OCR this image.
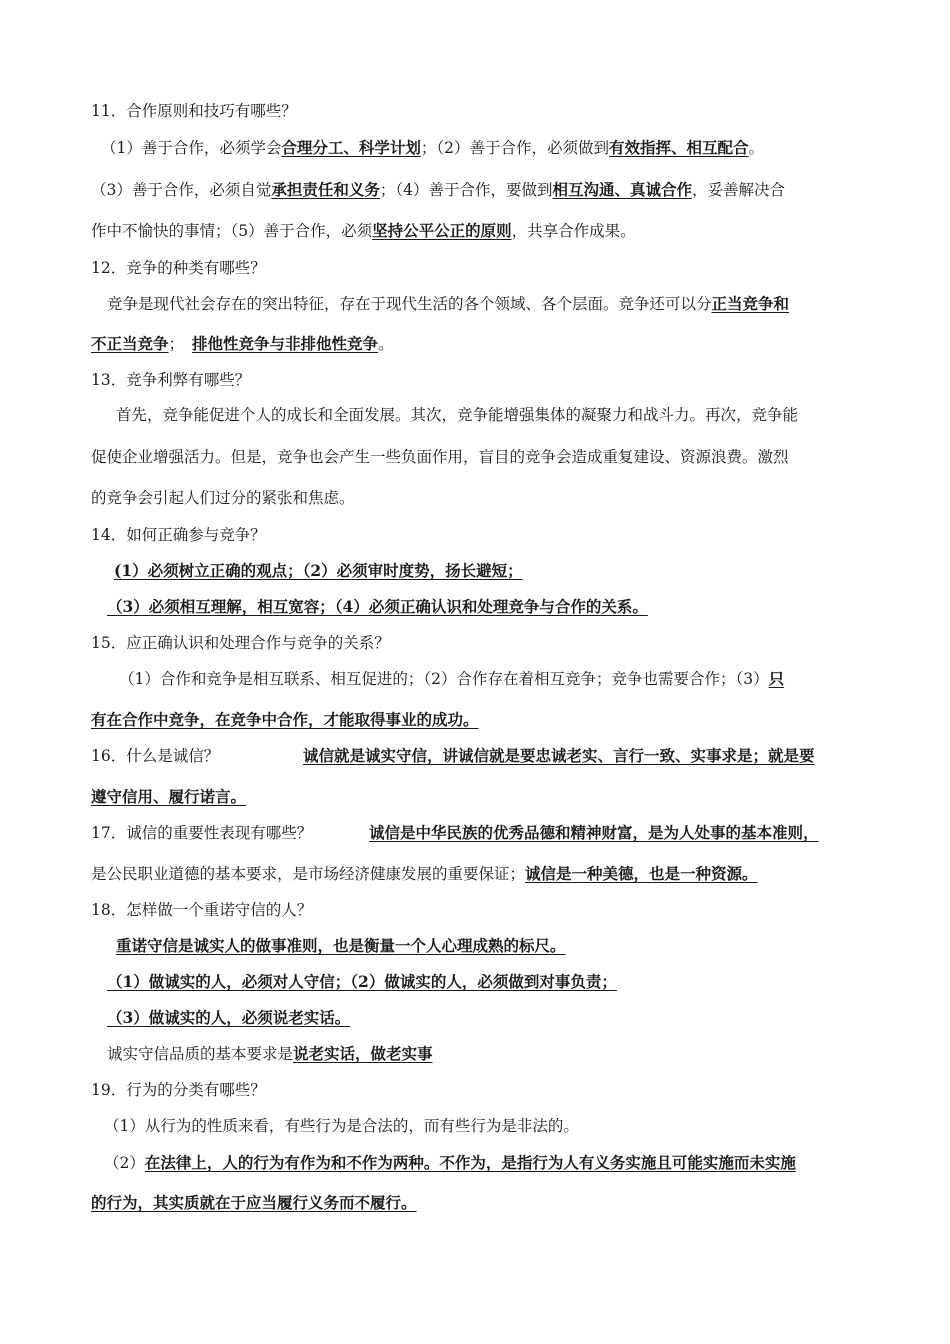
11．合作原则和技巧有哪些？
（1）善于合作，必须学会合理分工、科学计划；（2）善于合作，必须做到有效指挥、相互配合。
（3）善于合作，必须自觉承担责任和义务；（4）善于合作，要做到相互沟通、真诚合作，妥善解决合
作中不愉快的事情；（5）善于合作，必须坚持公平公正的原则，共享合作成果。
12．竞争的种类有哪些？
竞争是现代社会存在的突出特征，存在于现代生活的各个领域、各个层面。竞争还可以分正当竞争和
不正当竞争； 排他性竞争与非排他性竞争。
13．竞争利弊有哪些？
首先，竞争能促进个人的成长和全面发展。其次，竞争能增强集体的凝聚力和战斗力。再次，竞争能
促使企业增强活力。但是，竞争也会产生一些负面作用，盲目的竞争会造成重复建设、资源浪费。激烈
的竞争会引起人们过分的紧张和焦虑。
14．如何正确参与竞争？
(1）必须树立正确的观点；（2）必须审时度势，扬长避短；
（3）必须相互理解，相互宽容；（4）必须正确认识和处理竞争与合作的关系。
15．应正确认识和处理合作与竞争的关系？
（1）合作和竞争是相互联系、相互促进的；（2）合作存在着相互竞争；竞争也需要合作；（3）只
有在合作中竞争，在竞争中合作，才能取得事业的成功。
16．什么是诚信？	诚信就是诚实守信，讲诚信就是要忠诚老实、言行一致、实事求是；就是要
遵守信用、履行诺言。
17．诚信的重要性表现有哪些？	诚信是中华民族的优秀品德和精神财富，是为人处事的基本准则，
是公民职业道德的基本要求，是市场经济健康发展的重要保证；诚信是一种美德，也是一种资源。
18．怎样做一个重诺守信的人？
重诺守信是诚实人的做事准则，也是衡量一个人心理成熟的标尺。
（1）做诚实的人，必须对人守信；（2）做诚实的人，必须做到对事负责；
（3）做诚实的人，必须说老实话。
诚实守信品质的基本要求是说老实话，做老实事
19．行为的分类有哪些？
（1）从行为的性质来看，有些行为是合法的，而有些行为是非法的。
（2）在法律上，人的行为有作为和不作为两种。不作为，是指行为人有义务实施且可能实施而未实施
的行为，其实质就在于应当履行义务而不履行。
